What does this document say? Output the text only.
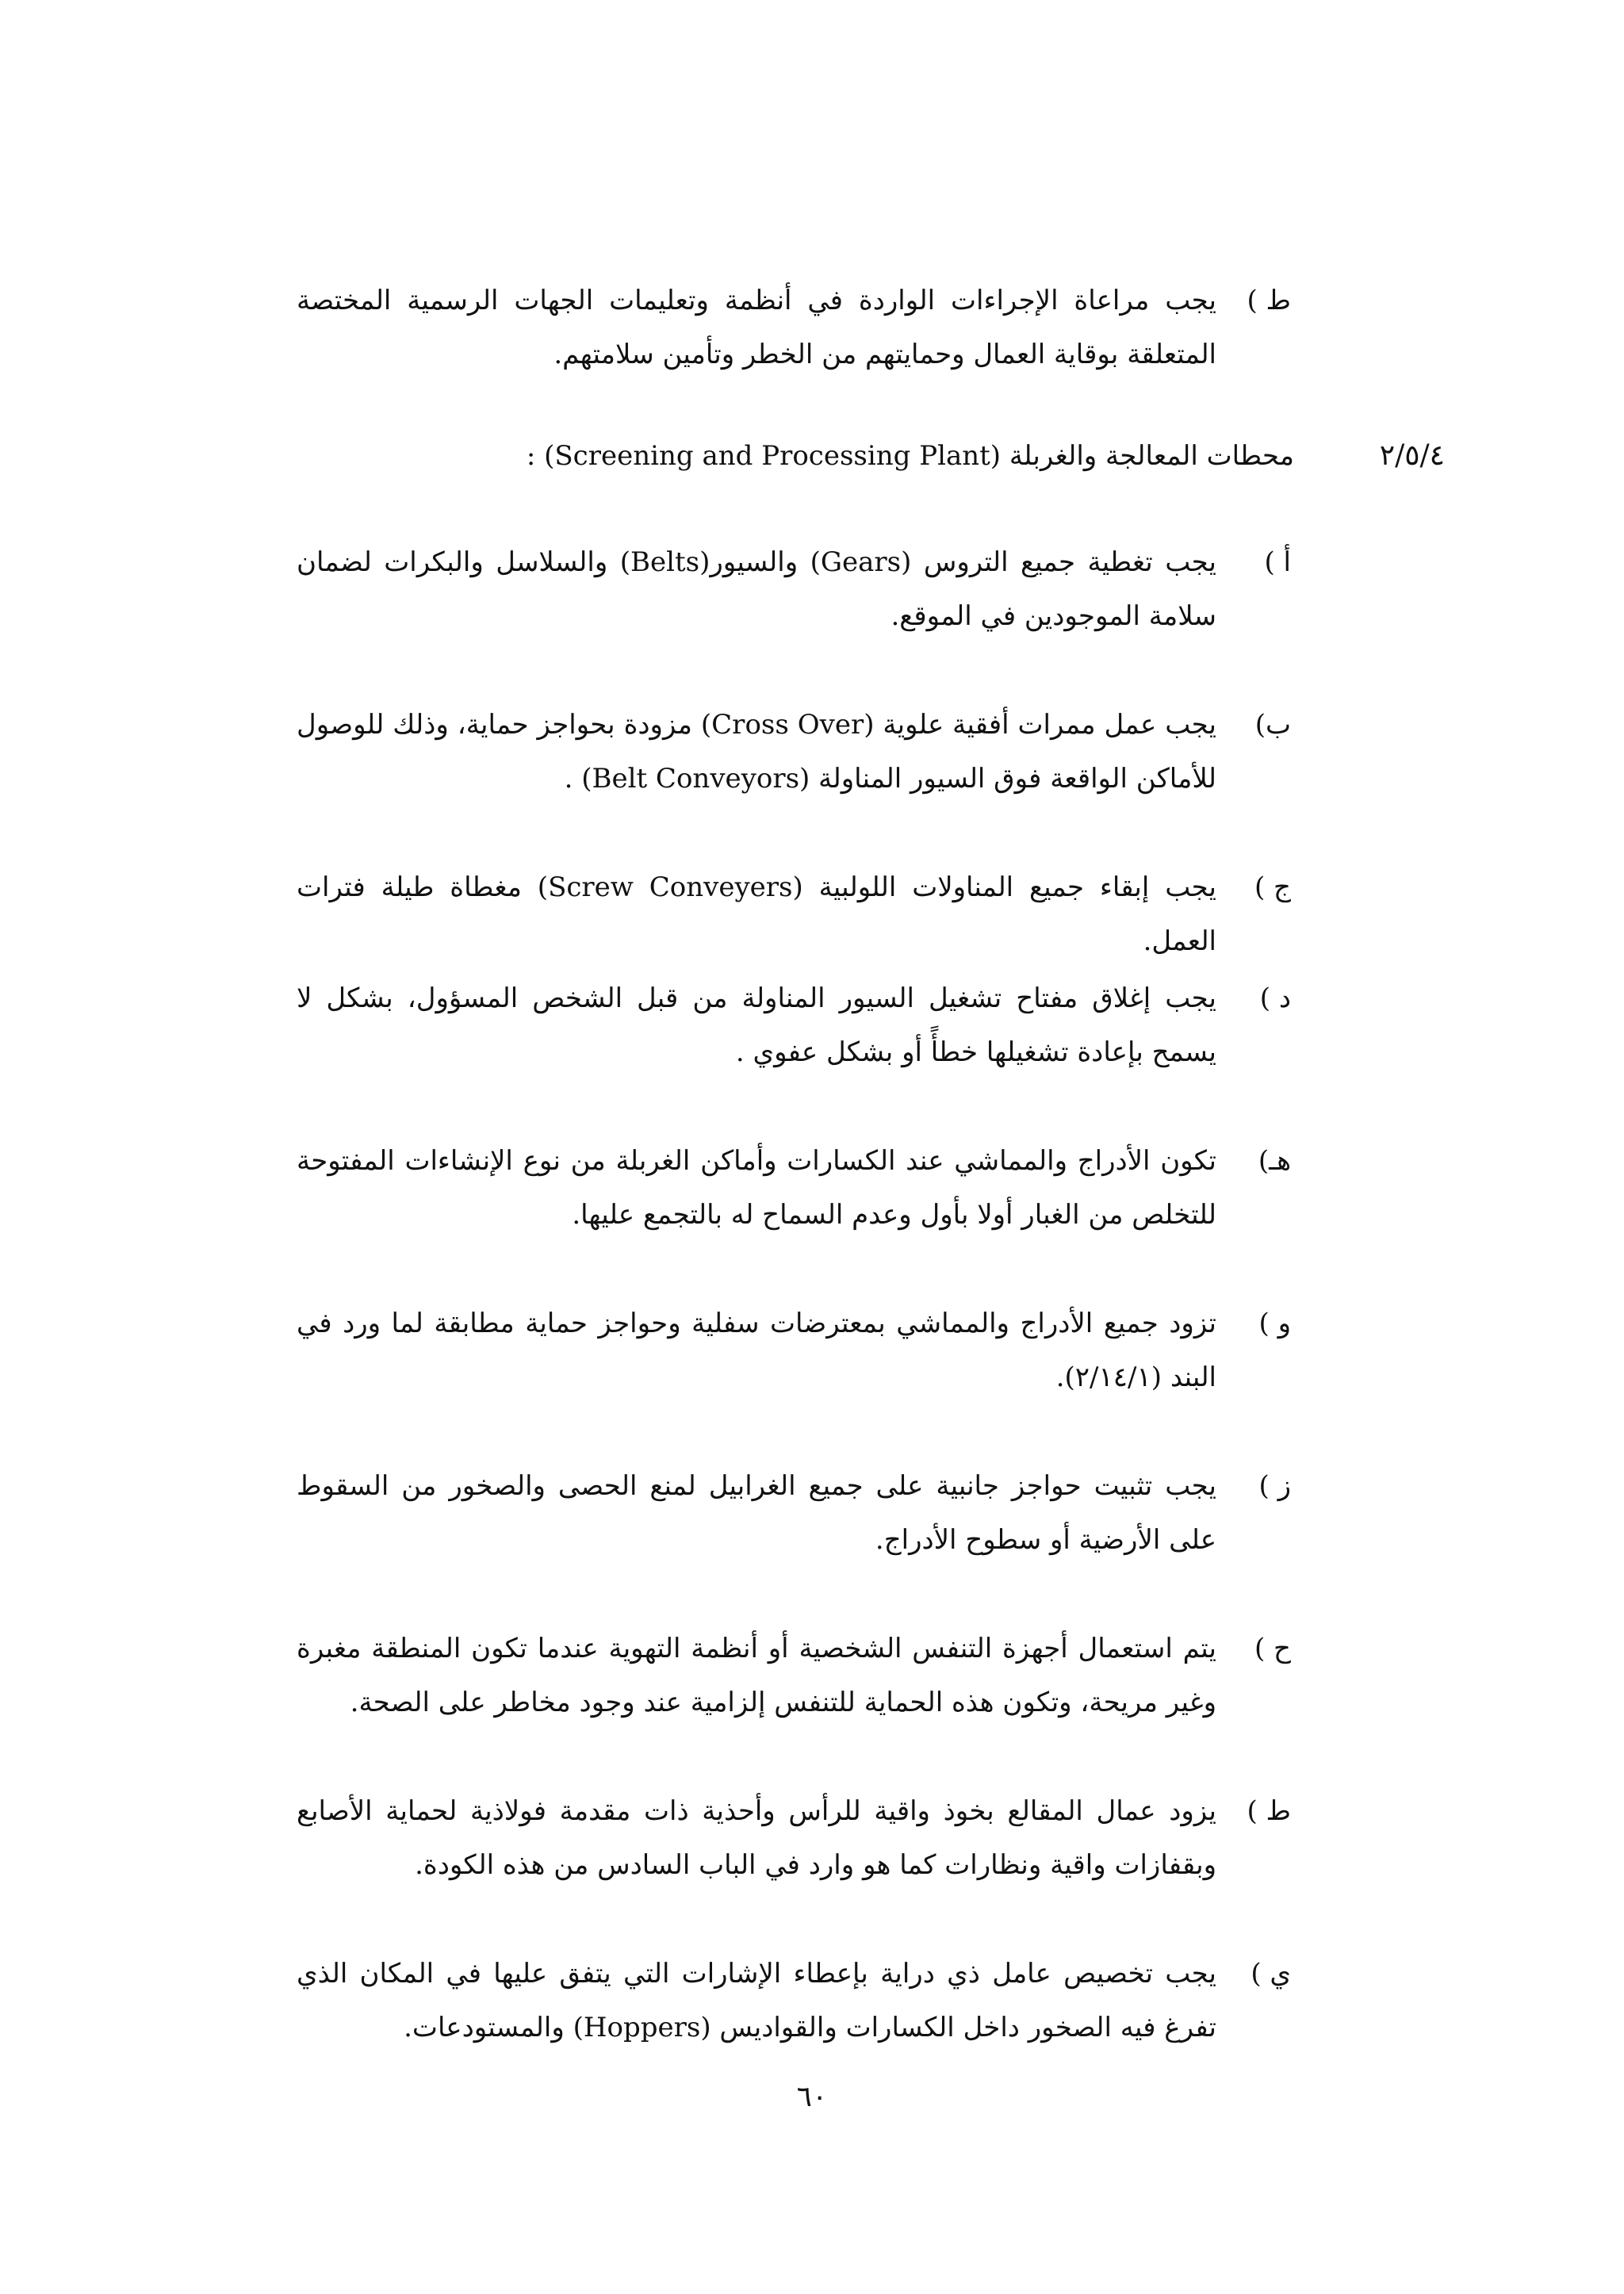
ط )
يجب مراعاة الإجراءات الواردة في أنظمة وتعليمات الجهات الرسمية المختصة المتعلقة بوقاية العمال وحمايتهم من الخطر وتأمين سلامتهم.
٢/٥/٤
محطات المعالجة والغربلة (Screening and Processing Plant) :
أ )
يجب تغطية جميع التروس (Gears) والسيور(Belts) والسلاسل والبكرات لضمان سلامة الموجودين في الموقع.
ب)
يجب عمل ممرات أفقية علوية (Cross Over) مزودة بحواجز حماية، وذلك للوصول للأماكن الواقعة فوق السيور المناولة (Belt Conveyors) .
ج )
يجب إبقاء جميع المناولات اللولبية (Screw Conveyers) مغطاة طيلة فترات العمل.
د )
يجب إغلاق مفتاح تشغيل السيور المناولة من قبل الشخص المسؤول، بشكل لا يسمح بإعادة تشغيلها خطأً أو بشكل عفوي .
هـ)
تكون الأدراج والمماشي عند الكسارات وأماكن الغربلة من نوع الإنشاءات المفتوحة للتخلص من الغبار أولا بأول وعدم السماح له بالتجمع عليها.
و )
تزود جميع الأدراج والمماشي بمعترضات سفلية وحواجز حماية مطابقة لما ورد في البند (٢/١٤/١).
ز )
يجب تثبيت حواجز جانبية على جميع الغرابيل لمنع الحصى والصخور من السقوط على الأرضية أو سطوح الأدراج.
ح )
يتم استعمال أجهزة التنفس الشخصية أو أنظمة التهوية عندما تكون المنطقة مغبرة وغير مريحة، وتكون هذه الحماية للتنفس إلزامية عند وجود مخاطر على الصحة.
ط )
يزود عمال المقالع بخوذ واقية للرأس وأحذية ذات مقدمة فولاذية لحماية الأصابع وبقفازات واقية ونظارات كما هو وارد في الباب السادس من هذه الكودة.
ي )
يجب تخصيص عامل ذي دراية بإعطاء الإشارات التي يتفق عليها في المكان الذي تفرغ فيه الصخور داخل الكسارات والقواديس (Hoppers) والمستودعات.
٦٠
